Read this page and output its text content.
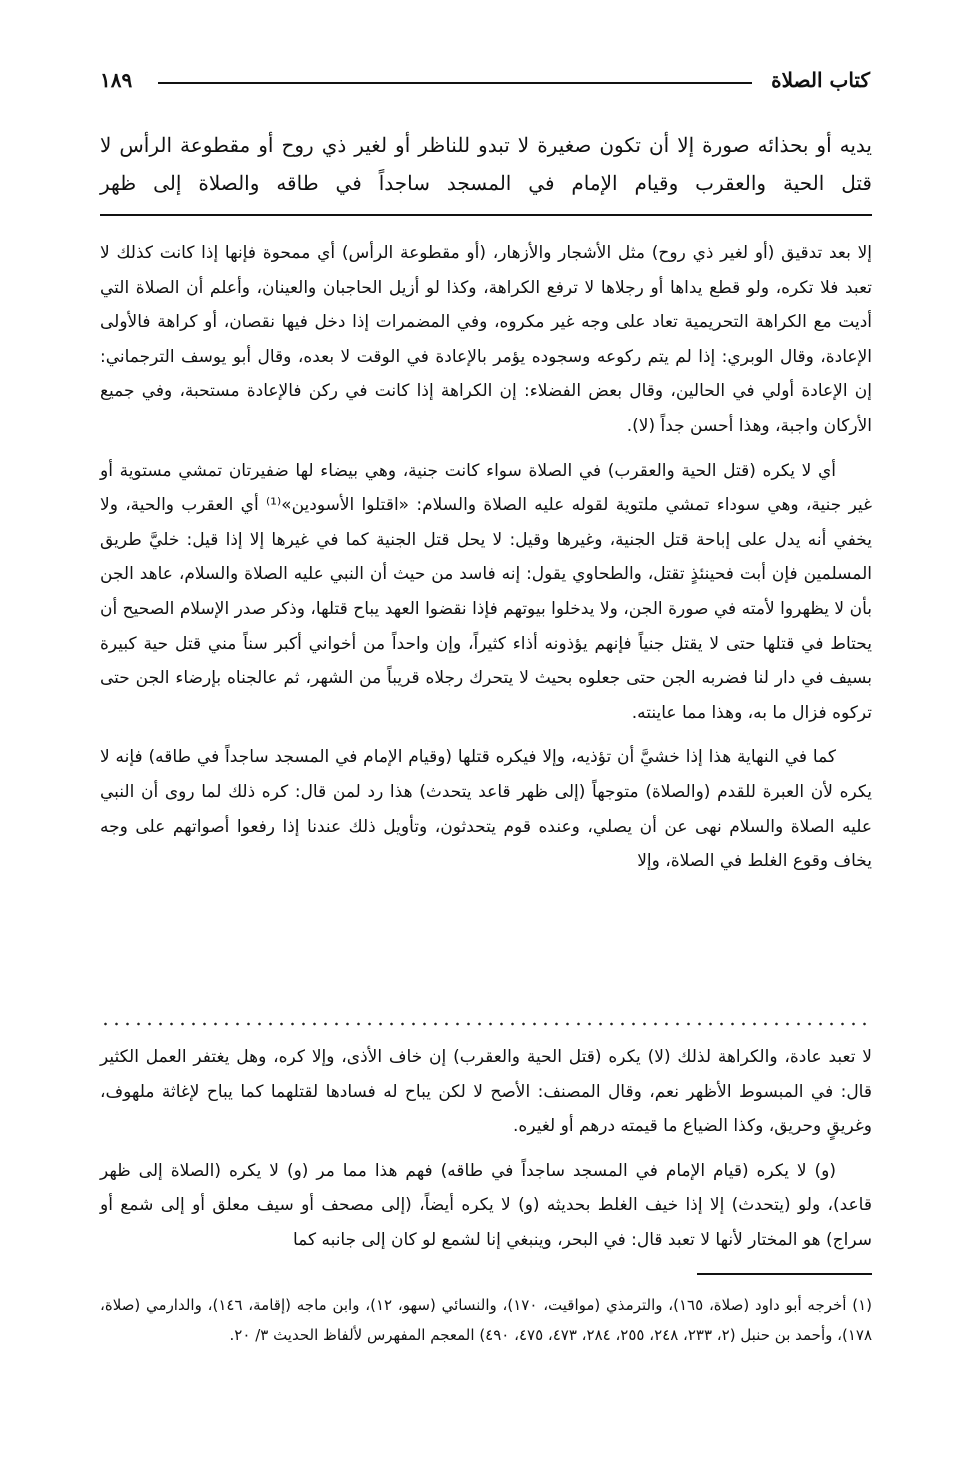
كتاب الصلاة
١٨٩

يديه أو بحذائه صورة إلا أن تكون صغيرة لا تبدو للناظر أو لغير ذي روح أو مقطوعة الرأس لا قتل الحية والعقرب وقيام الإمام في المسجد ساجداً في طاقه والصلاة إلى ظهر

إلا بعد تدقيق (أو لغير ذي روح) مثل الأشجار والأزهار، (أو مقطوعة الرأس) أي ممحوة فإنها إذا كانت كذلك لا تعبد فلا تكره، ولو قطع يداها أو رجلاها لا ترفع الكراهة، وكذا لو أزيل الحاجبان والعينان، وأعلم أن الصلاة التي أديت مع الكراهة التحريمية تعاد على وجه غير مكروه، وفي المضمرات إذا دخل فيها نقصان، أو كراهة فالأولى الإعادة، وقال الوبري: إذا لم يتم ركوعه وسجوده يؤمر بالإعادة في الوقت لا بعده، وقال أبو يوسف الترجماني: إن الإعادة أولي في الحالين، وقال بعض الفضلاء: إن الكراهة إذا كانت في ركن فالإعادة مستحبة، وفي جميع الأركان واجبة، وهذا أحسن جداً (لا).

أي لا يكره (قتل الحية والعقرب) في الصلاة سواء كانت جنية، وهي بيضاء لها ضفيرتان تمشي مستوية أو غير جنية، وهي سوداء تمشي ملتوية لقوله عليه الصلاة والسلام: «اقتلوا الأسودين»⁽¹⁾ أي العقرب والحية، ولا يخفي أنه يدل على إباحة قتل الجنية، وغيرها وقيل: لا يحل قتل الجنية كما في غيرها إلا إذا قيل: خليَّ طريق المسلمين فإن أبت فحينئذٍ تقتل، والطحاوي يقول: إنه فاسد من حيث أن النبي عليه الصلاة والسلام، عاهد الجن بأن لا يظهروا لأمته في صورة الجن، ولا يدخلوا بيوتهم فإذا نقضوا العهد يباح قتلها، وذكر صدر الإسلام الصحيح أن يحتاط في قتلها حتى لا يقتل جنياً فإنهم يؤذونه أذاء كثيراً، وإن واحداً من أخواني أكبر سناً مني قتل حية كبيرة بسيف في دار لنا فضربه الجن حتى جعلوه بحيث لا يتحرك رجلاه قريباً من الشهر، ثم عالجناه بإرضاء الجن حتى تركوه فزال ما به، وهذا مما عاينته.

كما في النهاية هذا إذا خشيَّ أن تؤذيه، وإلا فيكره قتلها (وقيام الإمام في المسجد ساجداً في طاقه) فإنه لا يكره لأن العبرة للقدم (والصلاة) متوجهاً (إلى ظهر قاعد يتحدث) هذا رد لمن قال: كره ذلك لما روى أن النبي عليه الصلاة والسلام نهى عن أن يصلي، وعنده قوم يتحدثون، وتأويل ذلك عندنا إذا رفعوا أصواتهم على وجه يخاف وقوع الغلط في الصلاة، وإلا

لا تعبد عادة، والكراهة لذلك (لا) يكره (قتل الحية والعقرب) إن خاف الأذى، وإلا كره، وهل يغتفر العمل الكثير قال: في المبسوط الأظهر نعم، وقال المصنف: الأصح لا لكن يباح له فسادها لقتلهما كما يباح لإغاثة ملهوف، وغريقٍ وحريق، وكذا الضياع ما قيمته درهم أو لغيره.

(و) لا يكره (قيام الإمام في المسجد ساجداً في طاقه) فهم هذا مما مر (و) لا يكره (الصلاة إلى ظهر قاعد)، ولو (يتحدث) إلا إذا خيف الغلط بحديثه (و) لا يكره أيضاً، (إلى مصحف أو سيف معلق أو إلى شمع أو سراج) هو المختار لأنها لا تعبد قال: في البحر، وينبغي إنا لشمع لو كان إلى جانبه كما

(١) أخرجه أبو داود (صلاة، ١٦٥)، والترمذي (مواقيت، ١٧٠)، والنسائي (سهو، ١٢)، وابن ماجه (إقامة، ١٤٦)، والدارمي (صلاة، ١٧٨)، وأحمد بن حنبل (٢، ٢٣٣، ٢٤٨، ٢٥٥، ٢٨٤، ٤٧٣، ٤٧٥، ٤٩٠) المعجم المفهرس لألفاظ الحديث ٣/ ٢٠.
